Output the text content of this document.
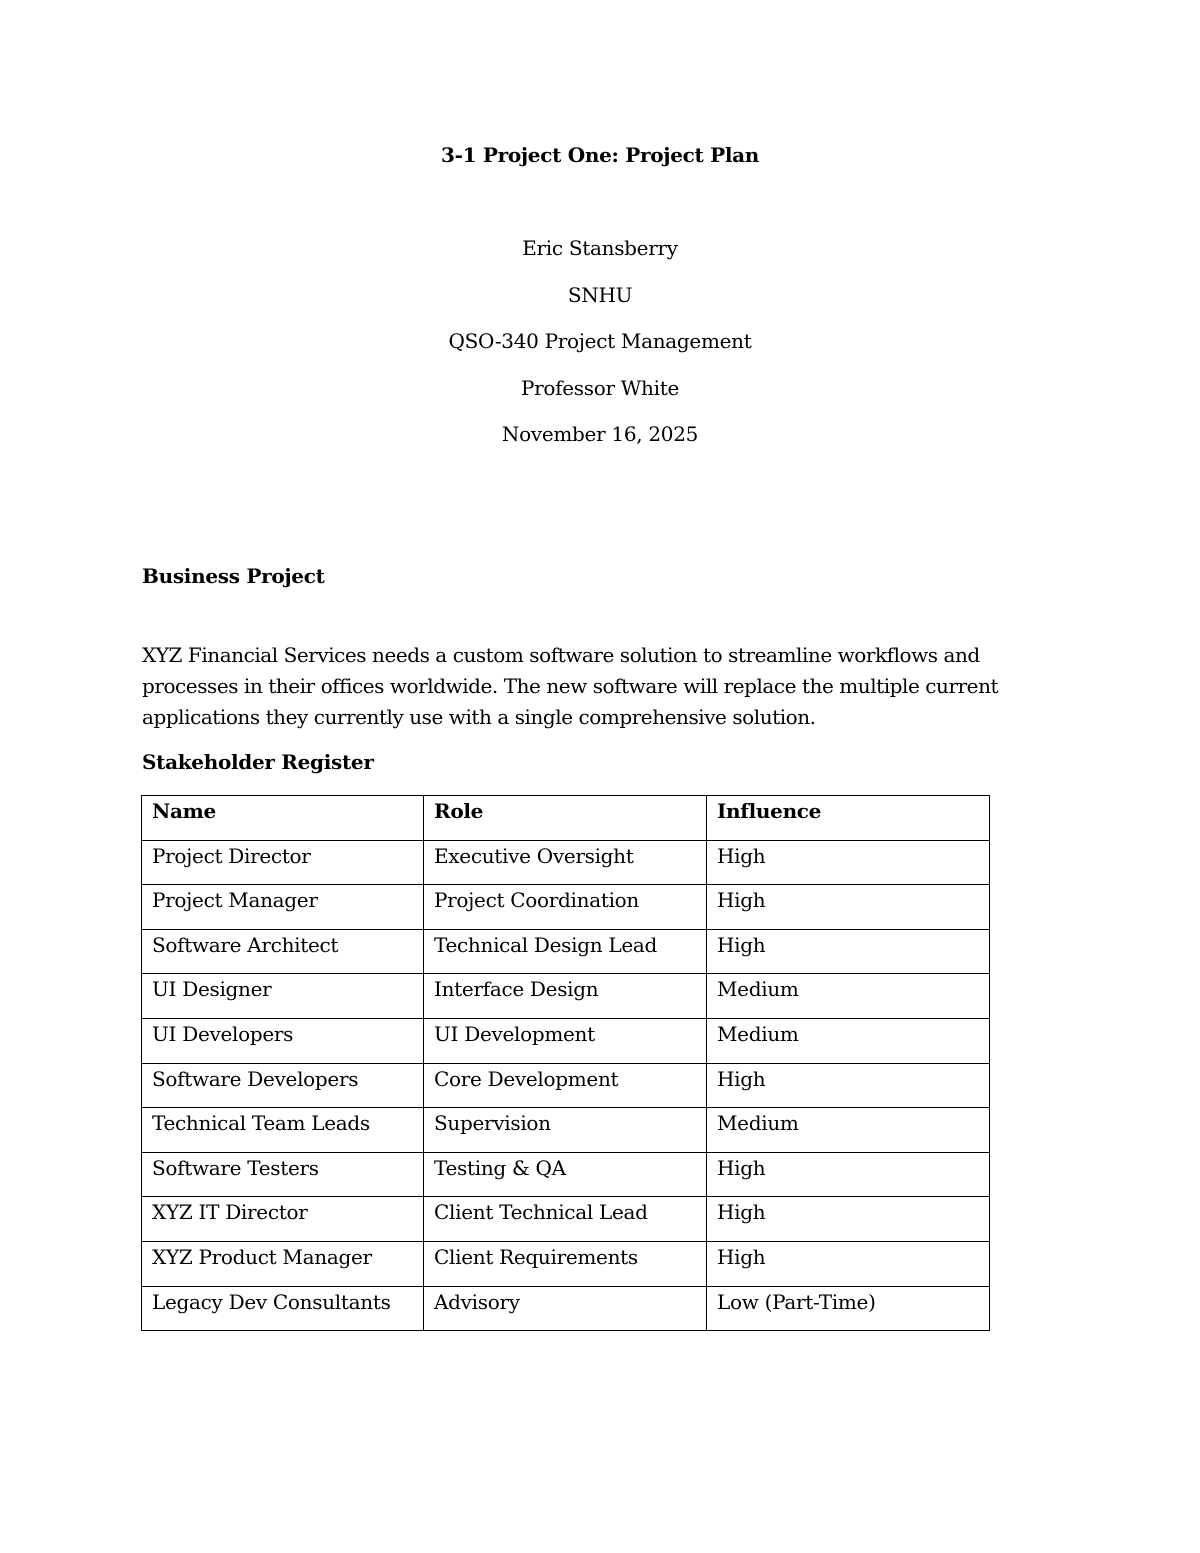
3-1 Project One: Project Plan
Eric Stansberry
SNHU
QSO-340 Project Management
Professor White
November 16, 2025
Business Project
XYZ Financial Services needs a custom software solution to streamline workflows and processes in their offices worldwide. The new software will replace the multiple current applications they currently use with a single comprehensive solution.
Stakeholder Register
Name	Role	Influence

Project Director	Executive Oversight	High

Project Manager	Project Coordination	High

Software Architect	Technical Design Lead	High

UI Designer	Interface Design	Medium

UI Developers	UI Development	Medium

Software Developers	Core Development	High

Technical Team Leads	Supervision	Medium

Software Testers	Testing & QA	High

XYZ IT Director	Client Technical Lead	High

XYZ Product Manager	Client Requirements	High

Legacy Dev Consultants	Advisory	Low (Part-Time)
